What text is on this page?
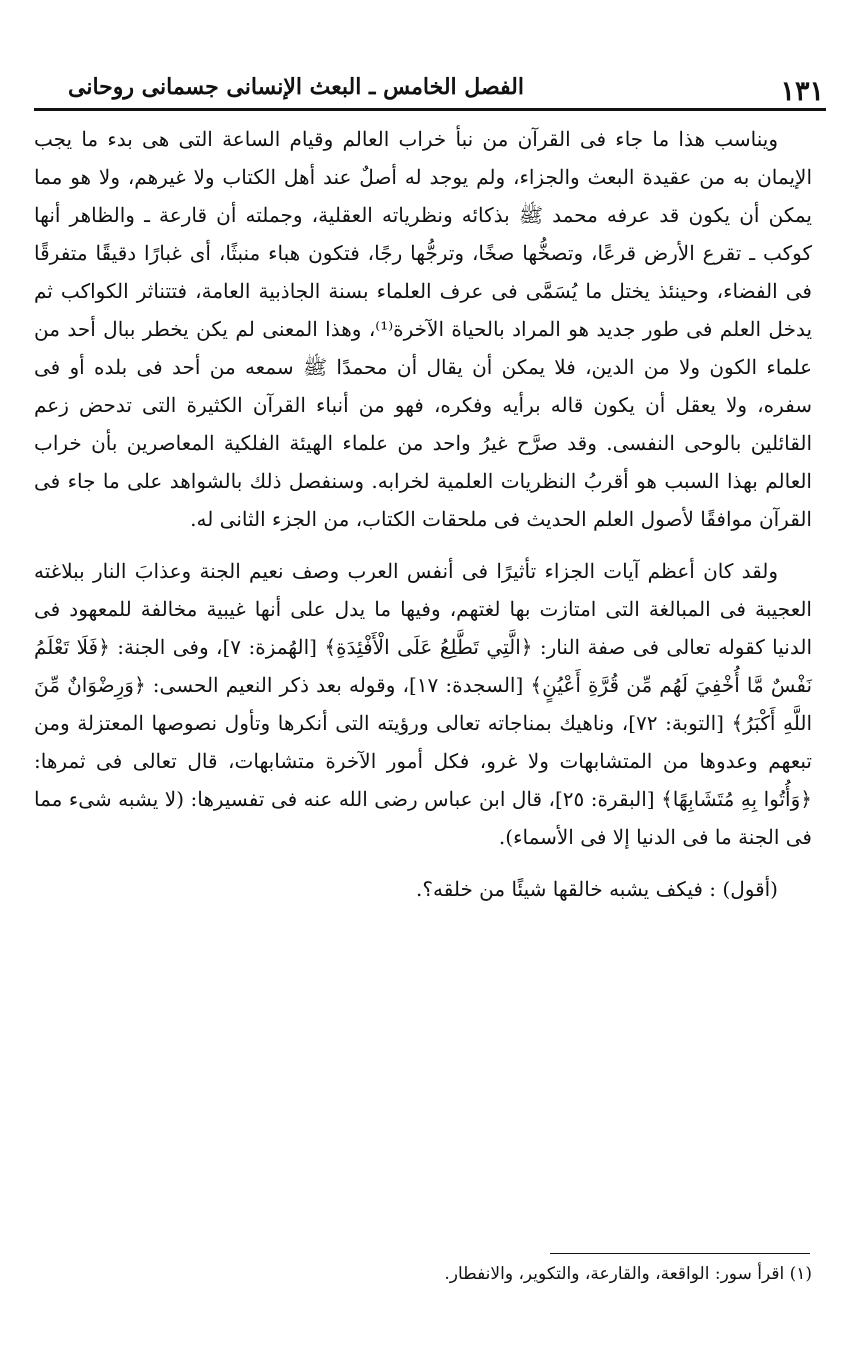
١٣١
الفصل الخامس ـ البعث الإنسانى جسمانى روحانى

ويناسب هذا ما جاء فى القرآن من نبأ خراب العالم وقيام الساعة التى هى بدء ما يجب الإيمان به من عقيدة البعث والجزاء، ولم يوجد له أصلٌ عند أهل الكتاب ولا غيرهم، ولا هو مما يمكن أن يكون قد عرفه محمد ﷺ بذكائه ونظرياته العقلية، وجملته أن قارعة ـ والظاهر أنها كوكب ـ تقرع الأرض قرعًا، وتصخُّها صخًا، وترجُّها رجًا، فتكون هباء منبثًا، أى غبارًا دقيقًا متفرقًا فى الفضاء، وحينئذ يختل ما يُسَمَّى فى عرف العلماء بسنة الجاذبية العامة، فتتناثر الكواكب ثم يدخل العلم فى طور جديد هو المراد بالحياة الآخرة⁽¹⁾، وهذا المعنى لم يكن يخطر ببال أحد من علماء الكون ولا من الدين، فلا يمكن أن يقال أن محمدًا ﷺ سمعه من أحد فى بلده أو فى سفره، ولا يعقل أن يكون قاله برأيه وفكره، فهو من أنباء القرآن الكثيرة التى تدحض زعم القائلين بالوحى النفسى. وقد صرَّح غيرُ واحد من علماء الهيئة الفلكية المعاصرين بأن خراب العالم بهذا السبب هو أقربُ النظريات العلمية لخرابه. وسنفصل ذلك بالشواهد على ما جاء فى القرآن موافقًا لأصول العلم الحديث فى ملحقات الكتاب، من الجزء الثانى له.

ولقد كان أعظم آيات الجزاء تأثيرًا فى أنفس العرب وصف نعيم الجنة وعذابَ النار ببلاغته العجيبة فى المبالغة التى امتازت بها لغتهم، وفيها ما يدل على أنها غيبية مخالفة للمعهود فى الدنيا كقوله تعالى فى صفة النار: ﴿الَّتِي تَطَّلِعُ عَلَى الْأَفْئِدَةِ﴾ [الهُمزة: ٧]، وفى الجنة: ﴿فَلَا تَعْلَمُ نَفْسٌ مَّا أُخْفِيَ لَهُم مِّن قُرَّةِ أَعْيُنٍ﴾ [السجدة: ١٧]، وقوله بعد ذكر النعيم الحسى: ﴿وَرِضْوَانٌ مِّنَ اللَّهِ أَكْبَرُ﴾ [التوبة: ٧٢]، وناهيك بمناجاته تعالى ورؤيته التى أنكرها وتأول نصوصها المعتزلة ومن تبعهم وعدوها من المتشابهات ولا غرو، فكل أمور الآخرة متشابهات، قال تعالى فى ثمرها: ﴿وَأُتُوا بِهِ مُتَشَابِهًا﴾ [البقرة: ٢٥]، قال ابن عباس رضى الله عنه فى تفسيرها: (لا يشبه شىء مما فى الجنة ما فى الدنيا إلا فى الأسماء).

(أقول) : فيكف يشبه خالقها شيئًا من خلقه؟.

(١) اقرأ سور: الواقعة، والقارعة، والتكوير، والانفطار.
